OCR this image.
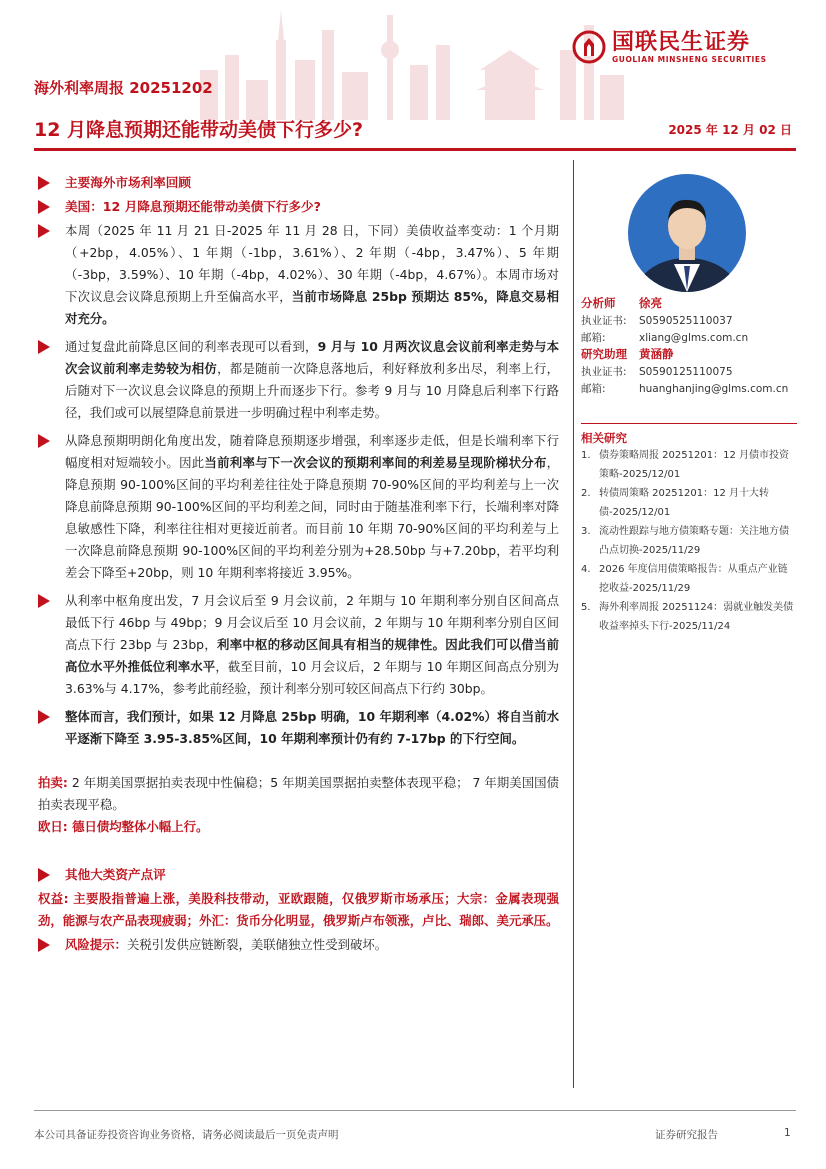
国联民生证券
GUOLIAN MINSHENG SECURITIES
海外利率周报 20251202
12 月降息预期还能带动美债下行多少?	2025 年 12 月 02 日
主要海外市场利率回顾
美国：12 月降息预期还能带动美债下行多少?
本周（2025 年 11 月 21 日-2025 年 11 月 28 日，下同）美债收益率变动：1 个月期（+2bp，4.05%）、1 年期（-1bp，3.61%）、2 年期（-4bp，3.47%）、5 年期（-3bp，3.59%）、10 年期（-4bp，4.02%）、30 年期（-4bp，4.67%）。本周市场对下次议息会议降息预期上升至偏高水平，当前市场降息 25bp 预期达 85%，降息交易相对充分。
通过复盘此前降息区间的利率表现可以看到，9 月与 10 月两次议息会议前利率走势与本次会议前利率走势较为相仿，都是随前一次降息落地后，利好释放利多出尽，利率上行，后随对下一次议息会议降息的预期上升而逐步下行。参考 9 月与 10 月降息后利率下行路径，我们或可以展望降息前景进一步明确过程中利率走势。
从降息预期明朗化角度出发，随着降息预期逐步增强，利率逐步走低，但是长端利率下行幅度相对短端较小。因此当前利率与下一次会议的预期利率间的利差易呈现阶梯状分布，降息预期 90-100%区间的平均利差往往处于降息预期 70-90%区间的平均利差与上一次降息前降息预期 90-100%区间的平均利差之间，同时由于随基准利率下行，长端利率对降息敏感性下降，利率往往相对更接近前者。而目前 10 年期 70-90%区间的平均利差与上一次降息前降息预期 90-100%区间的平均利差分别为+28.50bp 与+7.20bp，若平均利差会下降至+20bp，则 10 年期利率将接近 3.95%。
从利率中枢角度出发，7 月会议后至 9 月会议前，2 年期与 10 年期利率分别自区间高点最低下行 46bp 与 49bp；9 月会议后至 10 月会议前，2 年期与 10 年期利率分别自区间高点下行 23bp 与 23bp，利率中枢的移动区间具有相当的规律性。因此我们可以借当前高位水平外推低位利率水平，截至目前，10 月会议后，2 年期与 10 年期区间高点分别为 3.63%与 4.17%，参考此前经验，预计利率分别可较区间高点下行约 30bp。
整体而言，我们预计，如果 12 月降息 25bp 明确，10 年期利率（4.02%）将自当前水平逐渐下降至 3.95-3.85%区间，10 年期利率预计仍有约 7-17bp 的下行空间。
拍卖: 2 年期美国票据拍卖表现中性偏稳；5 年期美国票据拍卖整体表现平稳； 7 年期美国国债拍卖表现平稳。
欧日: 德日债均整体小幅上行。
其他大类资产点评
权益: 主要股指普遍上涨，美股科技带动，亚欧跟随，仅俄罗斯市场承压；大宗：金属表现强劲，能源与农产品表现疲弱；外汇：货币分化明显，俄罗斯卢布领涨，卢比、瑞郎、美元承压。
风险提示：关税引发供应链断裂，美联储独立性受到破坏。
分析师 徐亮
执业证书: S0590525110037
邮箱:	xliang@glms.com.cn
研究助理 黄涵静
执业证书: S0590125110075
邮箱:	huanghanjing@glms.com.cn
相关研究
1. 债券策略周报 20251201：12 月债市投资策略-2025/12/01
2. 转债周策略 20251201：12 月十大转债-2025/12/01
3. 流动性跟踪与地方债策略专题：关注地方债凸点切换-2025/11/29
4. 2026 年度信用债策略报告：从重点产业链挖收益-2025/11/29
5. 海外利率周报 20251124：弱就业触发美债收益率掉头下行-2025/11/24
本公司具备证券投资咨询业务资格，请务必阅读最后一页免责声明	证券研究报告	1
